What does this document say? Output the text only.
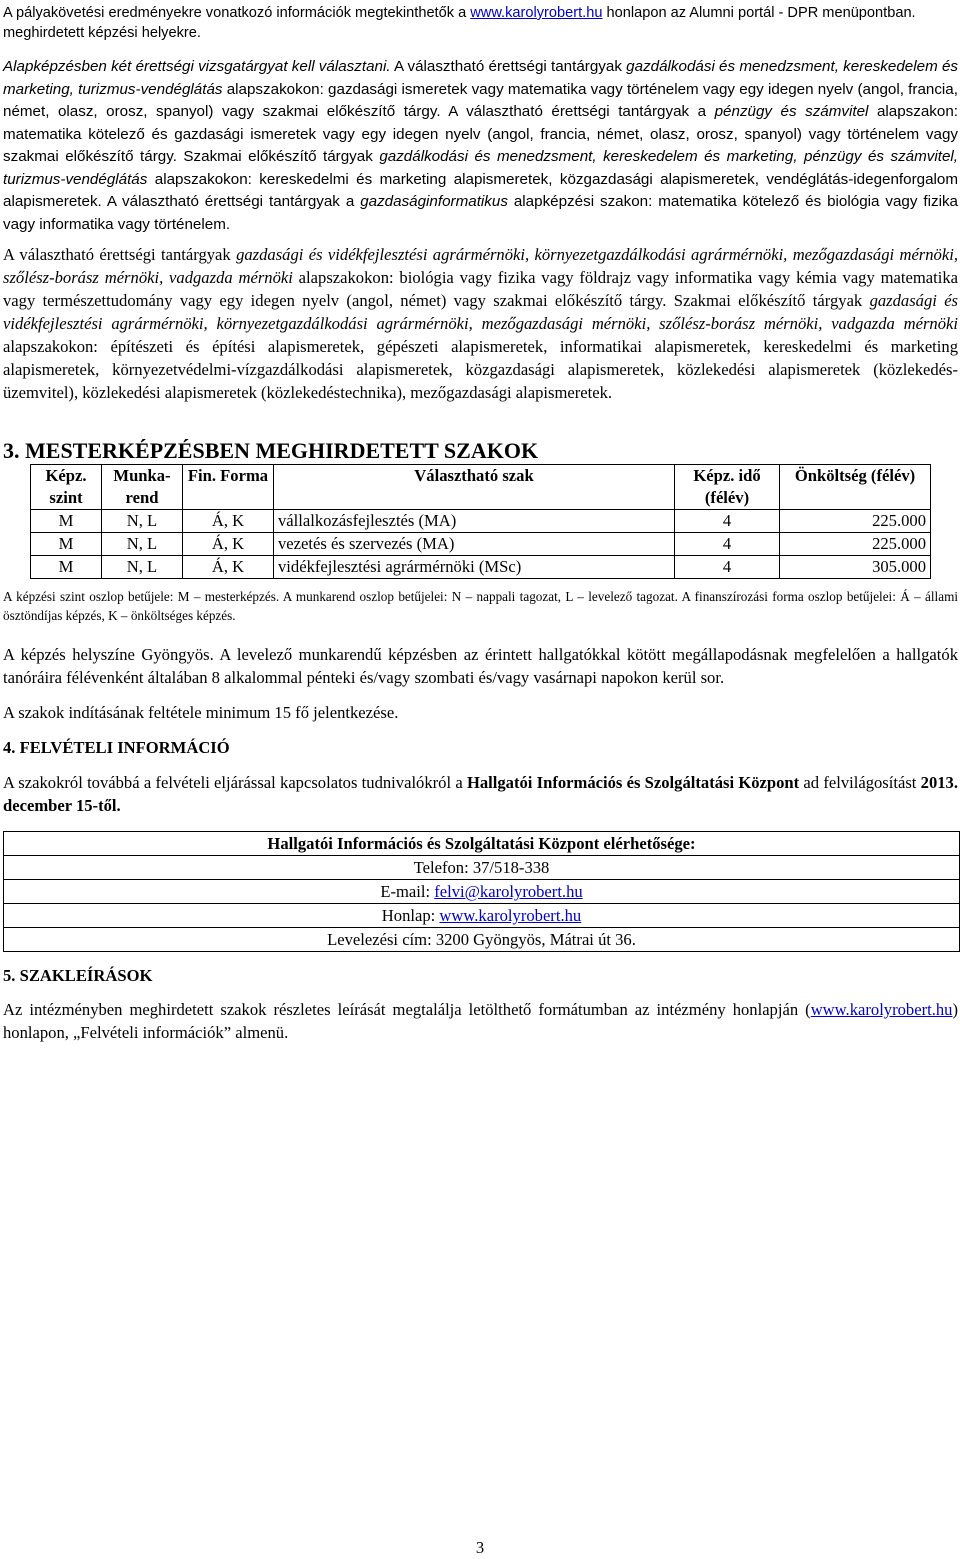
A pályakövetési eredményekre vonatkozó információk megtekinthetők a www.karolyrobert.hu honlapon az Alumni portál - DPR menüpontban.
meghirdetett képzési helyekre.

Alapképzésben két érettségi vizsgatárgyat kell választani. A választható érettségi tantárgyak gazdálkodási és menedzsment, kereskedelem és marketing, turizmus-vendéglátás alapszakokon: gazdasági ismeretek vagy matematika vagy történelem vagy egy idegen nyelv (angol, francia, német, olasz, orosz, spanyol) vagy szakmai előkészítő tárgy. A választható érettségi tantárgyak a pénzügy és számvitel alapszakon: matematika kötelező és gazdasági ismeretek vagy egy idegen nyelv (angol, francia, német, olasz, orosz, spanyol) vagy történelem vagy szakmai előkészítő tárgy. Szakmai előkészítő tárgyak gazdálkodási és menedzsment, kereskedelem és marketing, pénzügy és számvitel, turizmus-vendéglátás alapszakokon: kereskedelmi és marketing alapismeretek, közgazdasági alapismeretek, vendéglátás-idegenforgalom alapismeretek. A választható érettségi tantárgyak a gazdaságinformatikus alapképzési szakon: matematika kötelező és biológia vagy fizika vagy informatika vagy történelem.

A választható érettségi tantárgyak gazdasági és vidékfejlesztési agrármérnöki, környezetgazdálkodási agrármérnöki, mezőgazdasági mérnöki, szőlész-borász mérnöki, vadgazda mérnöki alapszakokon: biológia vagy fizika vagy földrajz vagy informatika vagy kémia vagy matematika vagy természettudomány vagy egy idegen nyelv (angol, német) vagy szakmai előkészítő tárgy. Szakmai előkészítő tárgyak gazdasági és vidékfejlesztési agrármérnöki, környezetgazdálkodási agrármérnöki, mezőgazdasági mérnöki, szőlész-borász mérnöki, vadgazda mérnöki alapszakokon: építészeti és építési alapismeretek, gépészeti alapismeretek, informatikai alapismeretek, kereskedelmi és marketing alapismeretek, környezetvédelmi-vízgazdálkodási alapismeretek, közgazdasági alapismeretek, közlekedési alapismeretek (közlekedés-üzemvitel), közlekedési alapismeretek (közlekedéstechnika), mezőgazdasági alapismeretek.

3. MESTERKÉPZÉSBEN MEGHIRDETETT SZAKOK
Képz. szint	Munka-rend	Fin. Forma	Választható szak	Képz. idő (félév)	Önköltség (félév)
M	N, L	Á, K	vállalkozásfejlesztés (MA)	4	225.000
M	N, L	Á, K	vezetés és szervezés (MA)	4	225.000
M	N, L	Á, K	vidékfejlesztési agrármérnöki (MSc)	4	305.000

A képzési szint oszlop betűjele: M – mesterképzés. A munkarend oszlop betűjelei: N – nappali tagozat, L – levelező tagozat. A finanszírozási forma oszlop betűjelei: Á – állami ösztöndíjas képzés, K – önköltséges képzés.

A képzés helyszíne Gyöngyös. A levelező munkarendű képzésben az érintett hallgatókkal kötött megállapodásnak megfelelően a hallgatók tanóráira félévenként általában 8 alkalommal pénteki és/vagy szombati és/vagy vasárnapi napokon kerül sor.

A szakok indításának feltétele minimum 15 fő jelentkezése.

4. FELVÉTELI INFORMÁCIÓ

A szakokról továbbá a felvételi eljárással kapcsolatos tudnivalókról a Hallgatói Információs és Szolgáltatási Központ ad felvilágosítást 2013. december 15-től.

Hallgatói Információs és Szolgáltatási Központ elérhetősége:
Telefon: 37/518-338
E-mail: felvi@karolyrobert.hu
Honlap: www.karolyrobert.hu
Levelezési cím: 3200 Gyöngyös, Mátrai út 36.
5. SZAKLEÍRÁSOK

Az intézményben meghirdetett szakok részletes leírását megtalálja letölthető formátumban az intézmény honlapján (www.karolyrobert.hu) honlapon, „Felvételi információk” almenü.

3
